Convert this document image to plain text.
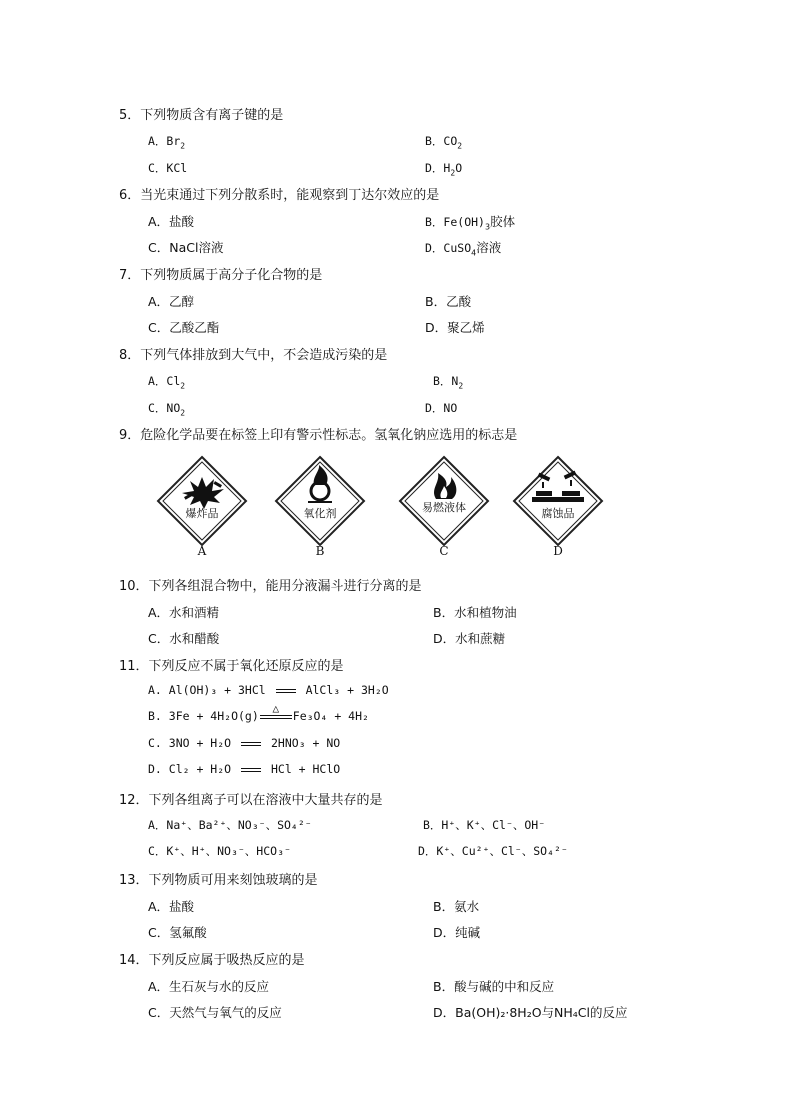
5．下列物质含有离子键的是
A．$Br_2$	B．$CO_2$
C．KCl	D．$H_2O$
6．当光束通过下列分散系时，能观察到丁达尔效应的是
A．盐酸	B．$Fe(OH)_3$胶体
C．NaCl溶液	D．CuSO$_4$溶液
7．下列物质属于高分子化合物的是
A．乙醇	B．乙酸
C．乙酸乙酯	D．聚乙烯
8．下列气体排放到大气中，不会造成污染的是
A．$Cl_2$	B．$N_2$
C．$NO_2$	D．NO
9．危险化学品要在标签上印有警示性标志。氢氧化钠应选用的标志是
爆炸品
A
氧化剂
B
易燃液体
C
腐蚀品
D
10．下列各组混合物中，能用分液漏斗进行分离的是
A．水和酒精	B．水和植物油
C．水和醋酸	D．水和蔗糖
11．下列反应不属于氧化还原反应的是
A. Al(OH)₃ + 3HCl	AlCl₃ + 3H₂O
B. 3Fe + 4H₂O(g)
△
Fe₃O₄ + 4H₂
C. 3NO + H₂O	2HNO₃ + NO
D. Cl₂ + H₂O	HCl + HClO
12．下列各组离子可以在溶液中大量共存的是
A．Na⁺、Ba²⁺、NO₃⁻、SO₄²⁻	B．H⁺、K⁺、Cl⁻、OH⁻
C．K⁺、H⁺、NO₃⁻、HCO₃⁻	D．K⁺、Cu²⁺、Cl⁻、SO₄²⁻
13．下列物质可用来刻蚀玻璃的是
A．盐酸	B．氨水
C．氢氟酸	D．纯碱
14．下列反应属于吸热反应的是
A．生石灰与水的反应	B．酸与碱的中和反应
C．天然气与氧气的反应	D．Ba(OH)₂·8H₂O与NH₄Cl的反应
